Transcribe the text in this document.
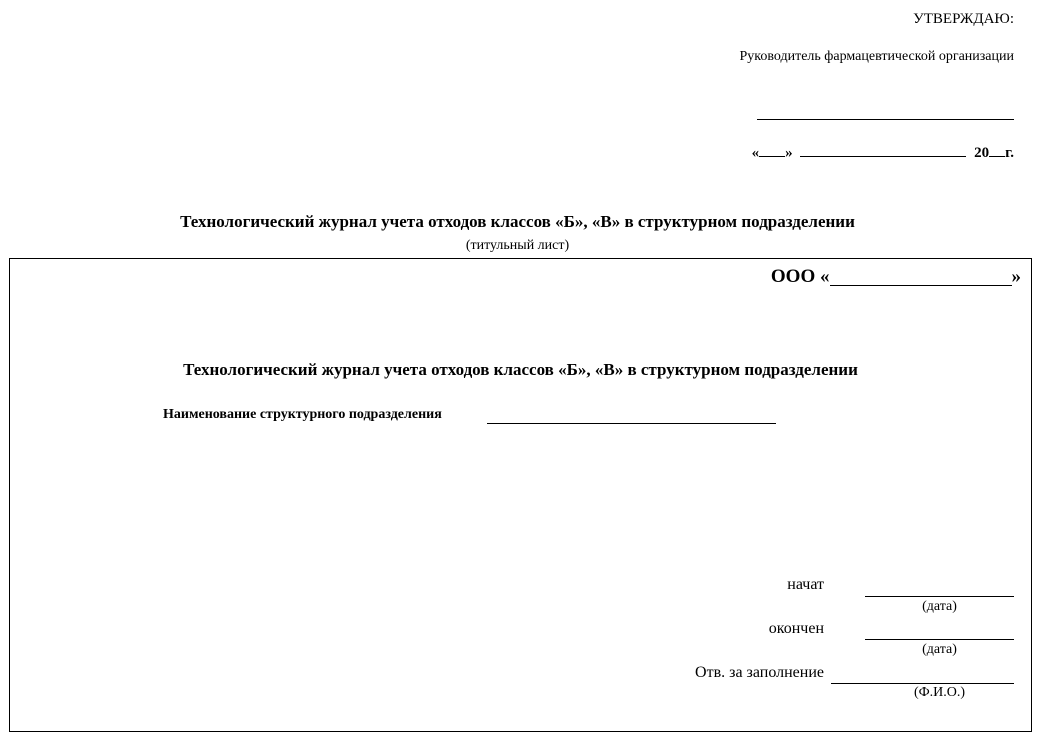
УТВЕРЖДАЮ:
Руководитель фармацевтической организации
« »	20 г.
Технологический журнал учета отходов классов «Б», «В» в структурном подразделении
(титульный лист)
ООО «	»
Технологический журнал учета отходов классов «Б», «В» в структурном подразделении
Наименование структурного подразделения
начат
(дата)
окончен
(дата)
Отв. за заполнение
(Ф.И.О.)
